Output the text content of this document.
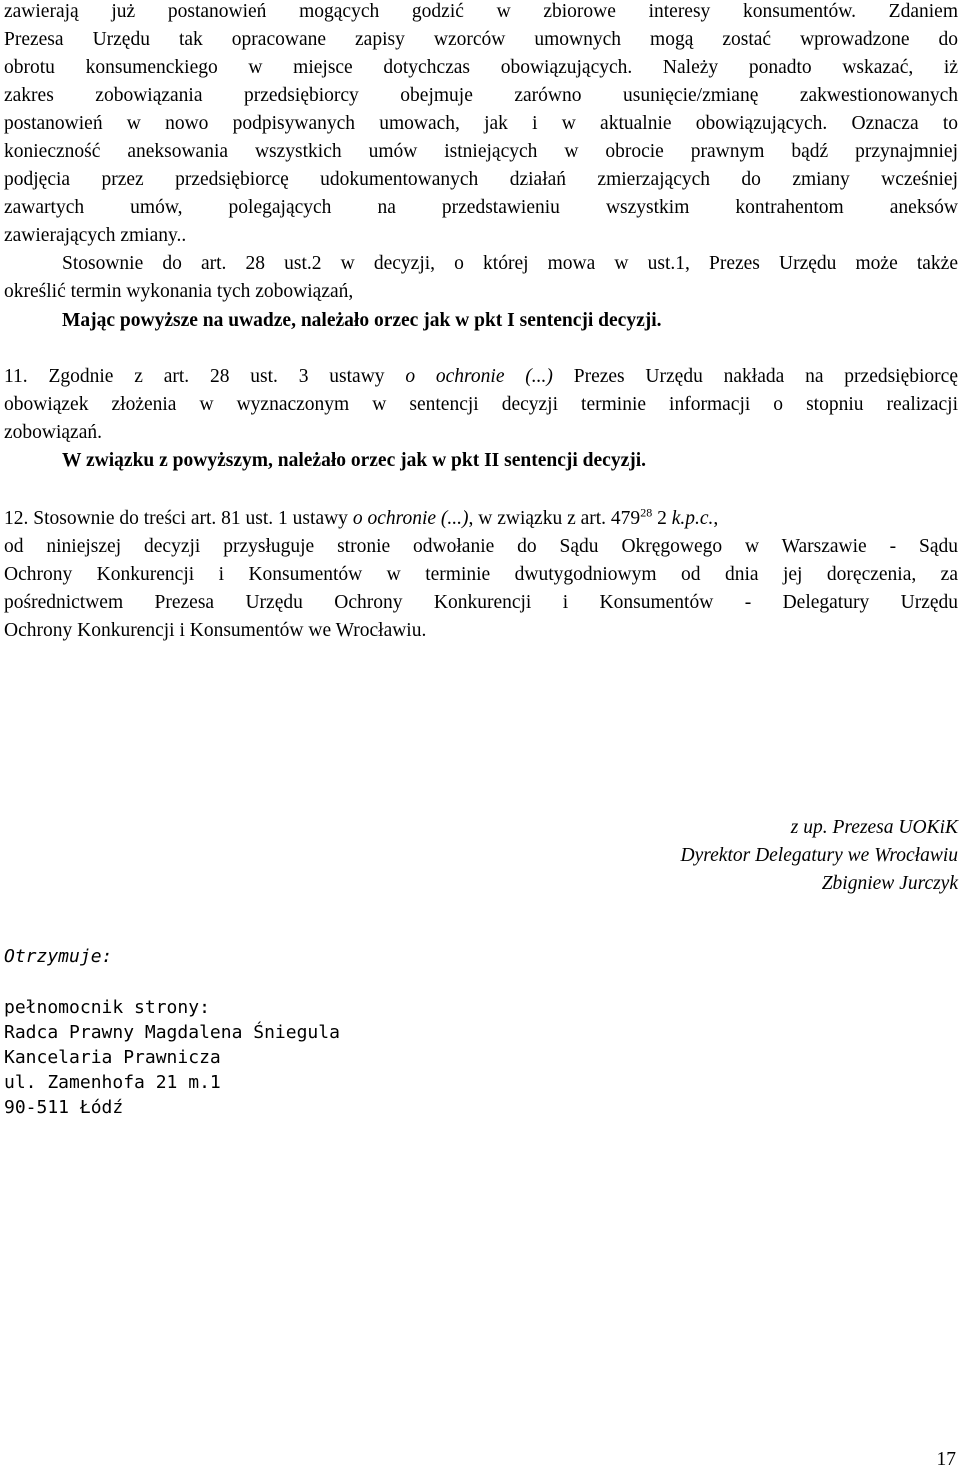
zawierają już postanowień mogących godzić w zbiorowe interesy konsumentów. Zdaniem
Prezesa Urzędu tak opracowane zapisy wzorców umownych mogą zostać wprowadzone do
obrotu konsumenckiego w miejsce dotychczas obowiązujących. Należy ponadto wskazać, iż
zakres zobowiązania przedsiębiorcy obejmuje zarówno usunięcie/zmianę zakwestionowanych
postanowień w nowo podpisywanych umowach, jak i w aktualnie obowiązujących. Oznacza to
konieczność aneksowania wszystkich umów istniejących w obrocie prawnym bądź przynajmniej
podjęcia przez przedsiębiorcę udokumentowanych działań zmierzających do zmiany wcześniej
zawartych umów, polegających na przedstawieniu wszystkim kontrahentom aneksów
zawierających zmiany..
Stosownie do art. 28 ust.2 w decyzji, o której mowa w ust.1, Prezes Urzędu może także
określić termin wykonania tych zobowiązań,
Mając powyższe na uwadze, należało orzec jak w pkt I sentencji decyzji.
11. Zgodnie z art. 28 ust. 3 ustawy o ochronie (...) Prezes Urzędu nakłada na przedsiębiorcę
obowiązek złożenia w wyznaczonym w sentencji decyzji terminie informacji o stopniu realizacji
zobowiązań.
W związku z powyższym, należało orzec jak w pkt II sentencji decyzji.
12. Stosownie do treści art. 81 ust. 1 ustawy o ochronie (...), w związku z art. $479^{28}$ 2 k.p.c.,
od niniejszej decyzji przysługuje stronie odwołanie do Sądu Okręgowego w Warszawie - Sądu
Ochrony Konkurencji i Konsumentów w terminie dwutygodniowym od dnia jej doręczenia, za
pośrednictwem Prezesa Urzędu Ochrony Konkurencji i Konsumentów - Delegatury Urzędu
Ochrony Konkurencji i Konsumentów we Wrocławiu.
z up. Prezesa UOKiK
Dyrektor Delegatury we Wrocławiu
Zbigniew Jurczyk
Otrzymuje:
pełnomocnik strony:
Radca Prawny Magdalena Śniegula
Kancelaria Prawnicza
ul. Zamenhofa 21 m.1
90-511 Łódź
17
